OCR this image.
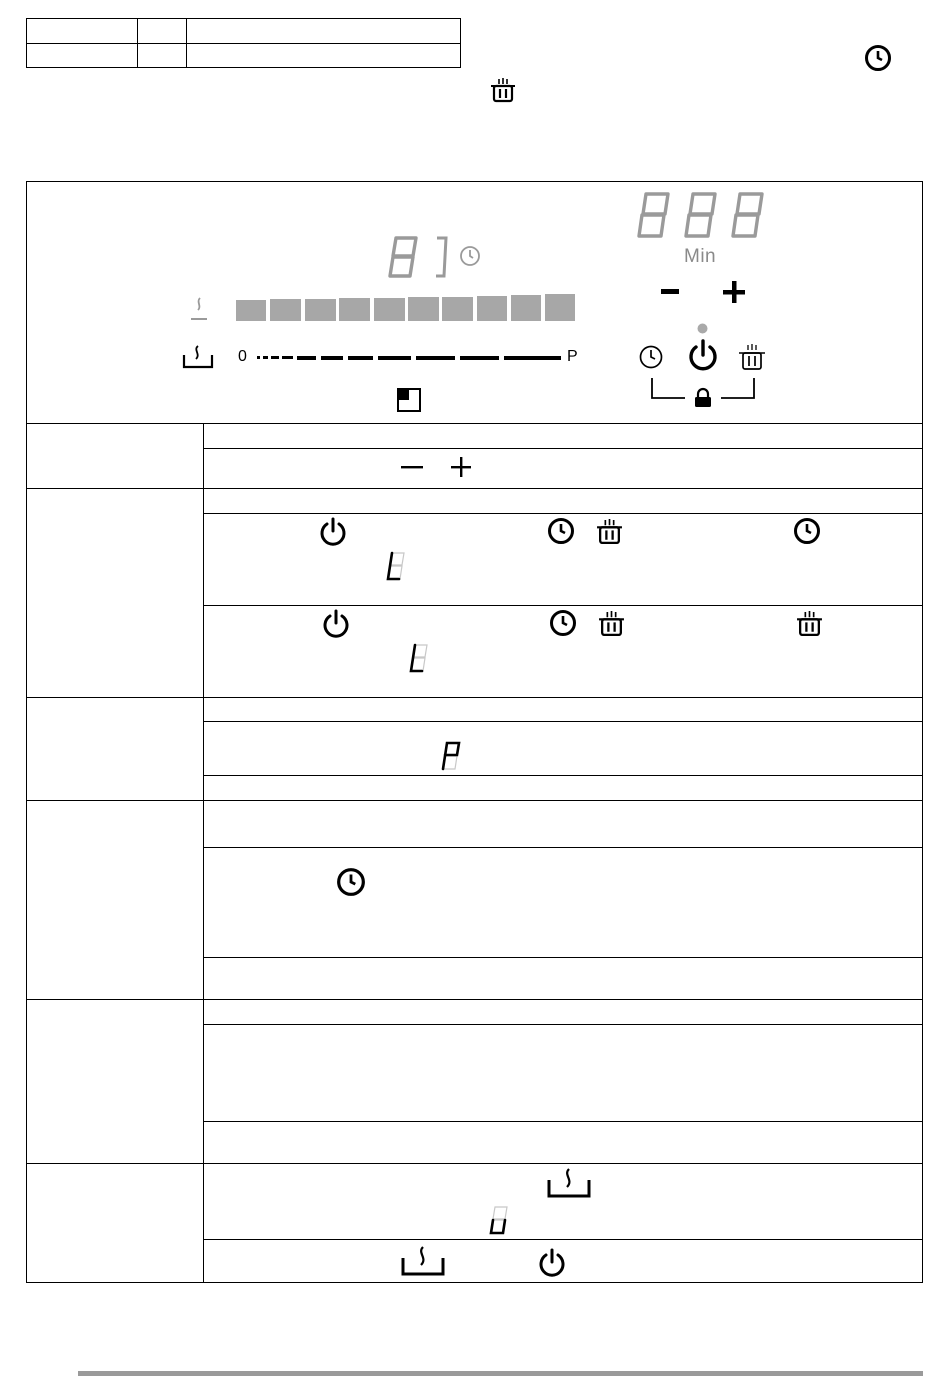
0	P
Min
